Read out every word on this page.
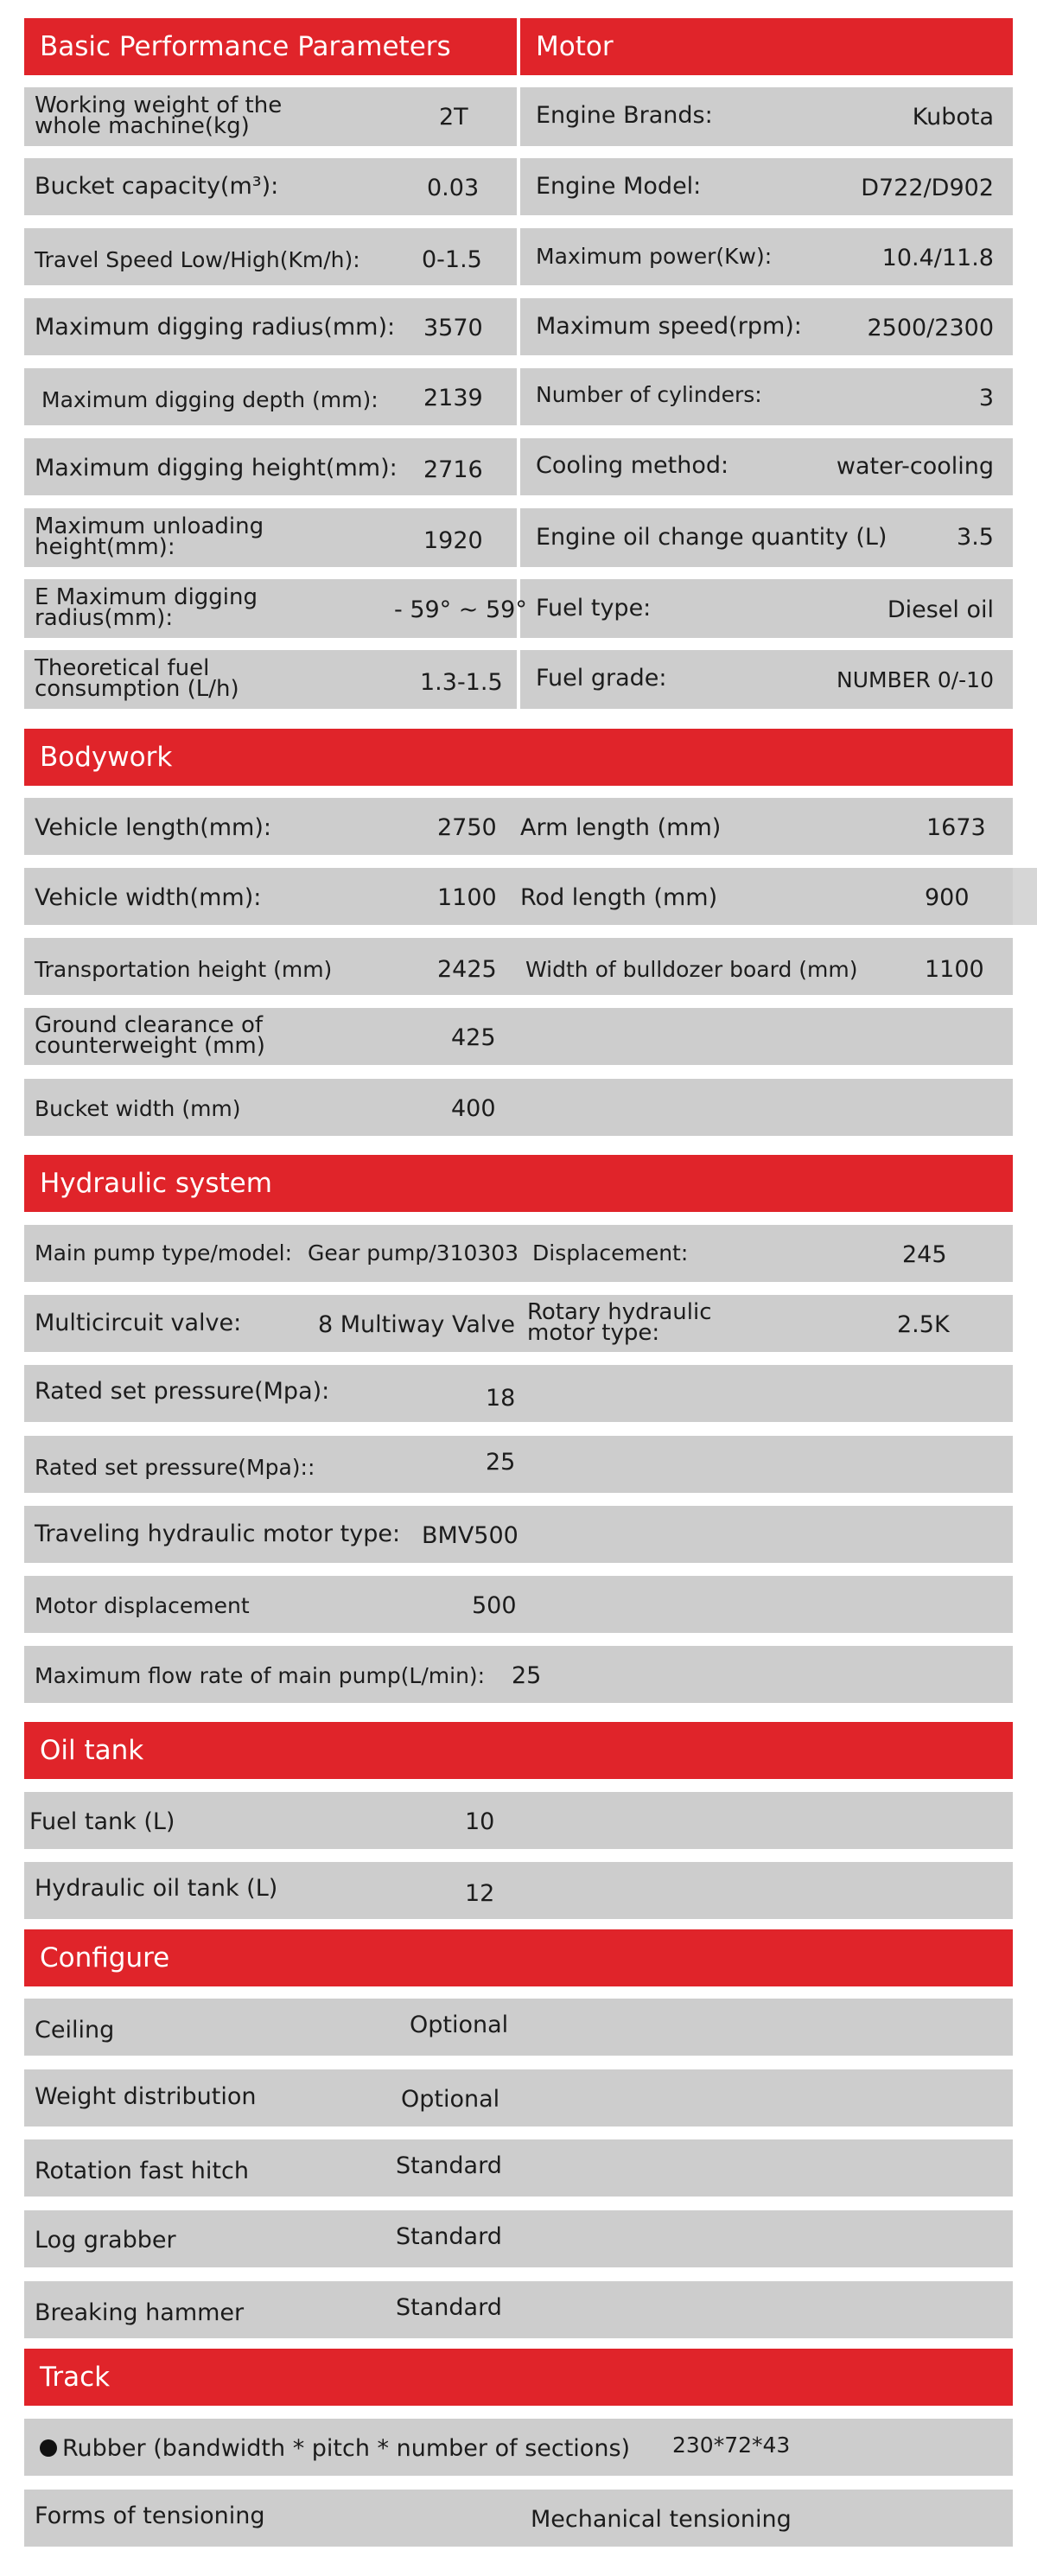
Basic Performance Parameters	Motor
Working weight of the whole machine(kg)	2T	Engine Brands:	Kubota
Bucket capacity(m³):	0.03 Engine Model:	D722/D902
Travel Speed Low/High(Km/h):	0-1.5 Maximum power(Kw):	10.4/11.8
Maximum digging radius(mm): 3570 Maximum speed(rpm):	2500/2300
Maximum digging depth (mm): 2139 Number of cylinders:	3
Maximum digging height(mm): 2716 Cooling method:	water-cooling
Maximum unloading height(mm):	1920 Engine oil change quantity (L)	3.5
E Maximum digging radius(mm):	- 59° ~ 59° Fuel type:	Diesel oil
Theoretical fuel consumption (L/h)	1.3-1.5 Fuel grade:	NUMBER 0/-10
Bodywork
Vehicle length(mm):	2750 Arm length (mm)	1673
Vehicle width(mm):	1100 Rod length (mm)	900
Transportation height (mm)	2425 Width of bulldozer board (mm)	1100
Ground clearance of counterweight (mm)	425
Bucket width (mm)	400
Hydraulic system
Main pump type/model: Gear pump/310303 Displacement:	245
Multicircuit valve:	8 Multiway Valve Rotary hydraulic motor type:	2.5K
Rated set pressure(Mpa):	18
Rated set pressure(Mpa)::	25
Traveling hydraulic motor type: BMV500
Motor displacement	500
Maximum flow rate of main pump(L/min): 25
Oil tank
Fuel tank (L)	10
Hydraulic oil tank (L)	12
Configure
Ceiling	Optional
Weight distribution	Optional
Rotation fast hitch	Standard
Log grabber	Standard
Breaking hammer	Standard
Track
Rubber (bandwidth * pitch * number of sections) 230*72*43
Forms of tensioning	Mechanical tensioning
